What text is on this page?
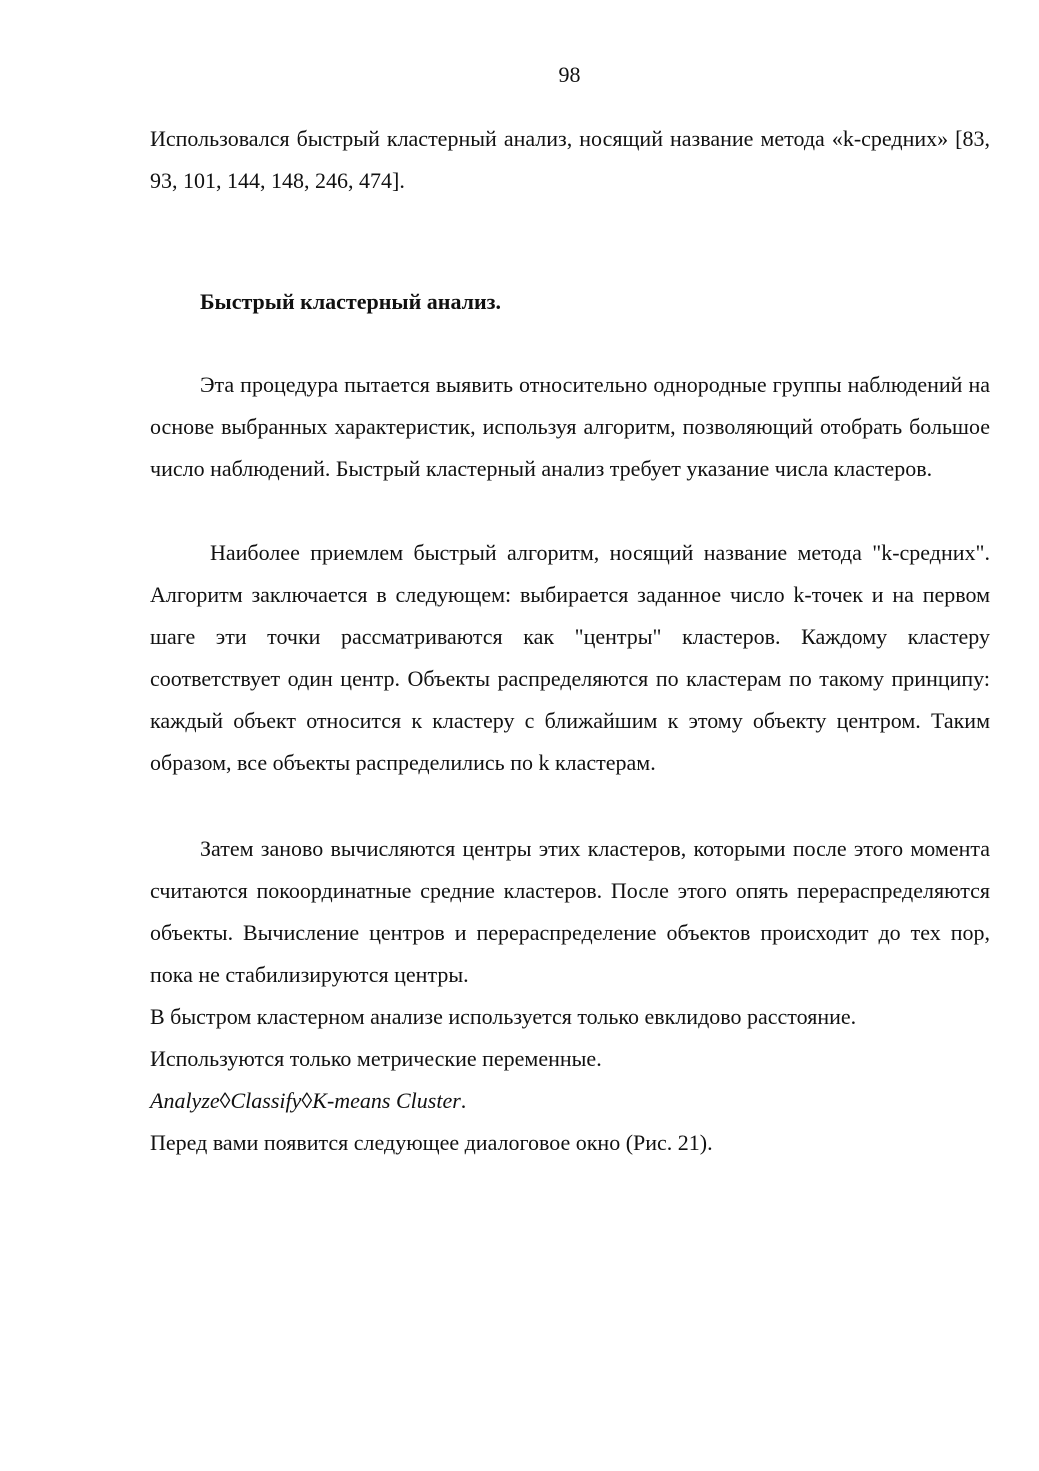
98

Использовался быстрый кластерный анализ, носящий название метода «k-средних» [83, 93, 101, 144, 148, 246, 474].

Быстрый кластерный анализ.

Эта процедура пытается выявить относительно однородные группы наблюдений на основе выбранных характеристик, используя алгоритм, позволяющий отобрать большое число наблюдений. Быстрый кластерный анализ требует указание числа кластеров.

Наиболее приемлем быстрый алгоритм, носящий название метода "k-средних". Алгоритм заключается в следующем: выбирается заданное число k-точек и на первом шаге эти точки рассматриваются как "центры" кластеров. Каждому кластеру соответствует один центр. Объекты распределяются по кластерам по такому принципу: каждый объект относится к кластеру с ближайшим к этому объекту центром. Таким образом, все объекты распределились по k кластерам.

Затем заново вычисляются центры этих кластеров, которыми после этого момента считаются покоординатные средние кластеров. После этого опять перераспределяются объекты. Вычисление центров и перераспределение объектов происходит до тех пор, пока не стабилизируются центры.

В быстром кластерном анализе используется только евклидово расстояние.

Используются только метрические переменные.

Analyze◊Classify◊K-means Cluster.

Перед вами появится следующее диалоговое окно (Рис. 21).
